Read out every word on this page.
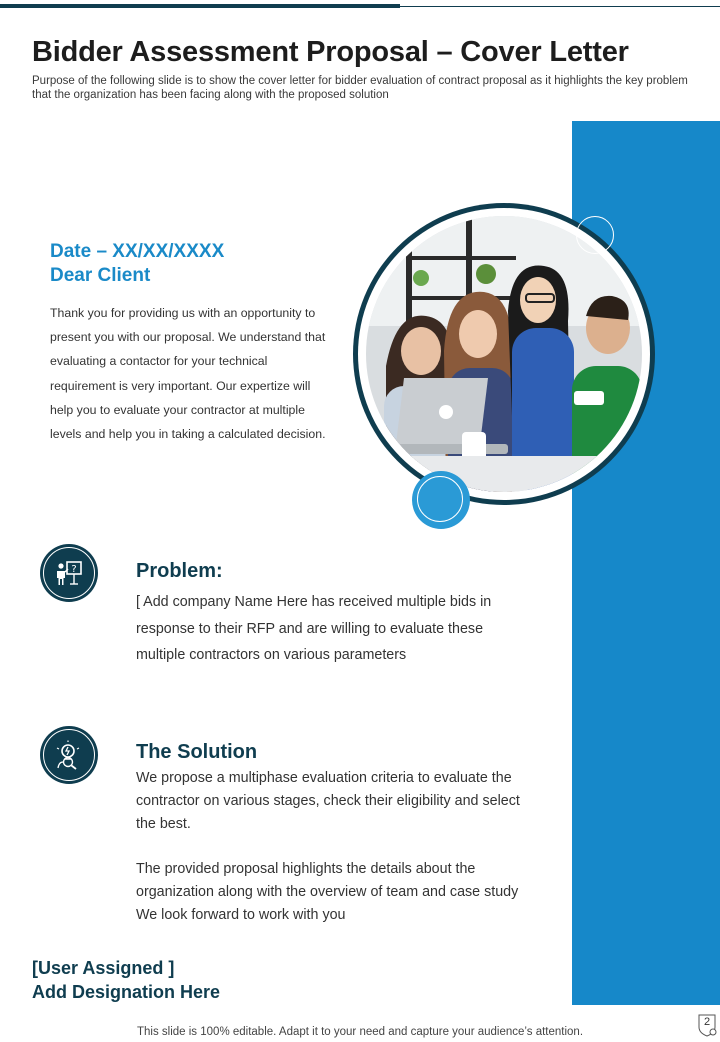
Bidder Assessment Proposal – Cover Letter
Purpose of the following slide is to show the cover letter for bidder evaluation of contract proposal as it highlights the key problem that the organization has been facing along with the proposed solution
Date – XX/XX/XXXX
Dear Client
Thank you for providing us with an opportunity to present you with our proposal. We understand that evaluating a contactor for your technical requirement is very important. Our expertize will help you to evaluate your contractor at multiple levels and help you in taking a calculated decision.
?	Problem:
[ Add company Name Here has received multiple bids in response to their RFP and are willing to evaluate these multiple contractors on various parameters
The Solution
We propose a multiphase evaluation criteria to evaluate the contractor on various stages, check their eligibility and select the best.
The provided proposal highlights the details about the organization along with the overview of team and case study We look forward to work with you
[User Assigned ]
Add Designation Here
This slide is 100% editable. Adapt it to your need and capture your audience’s attention.
2
